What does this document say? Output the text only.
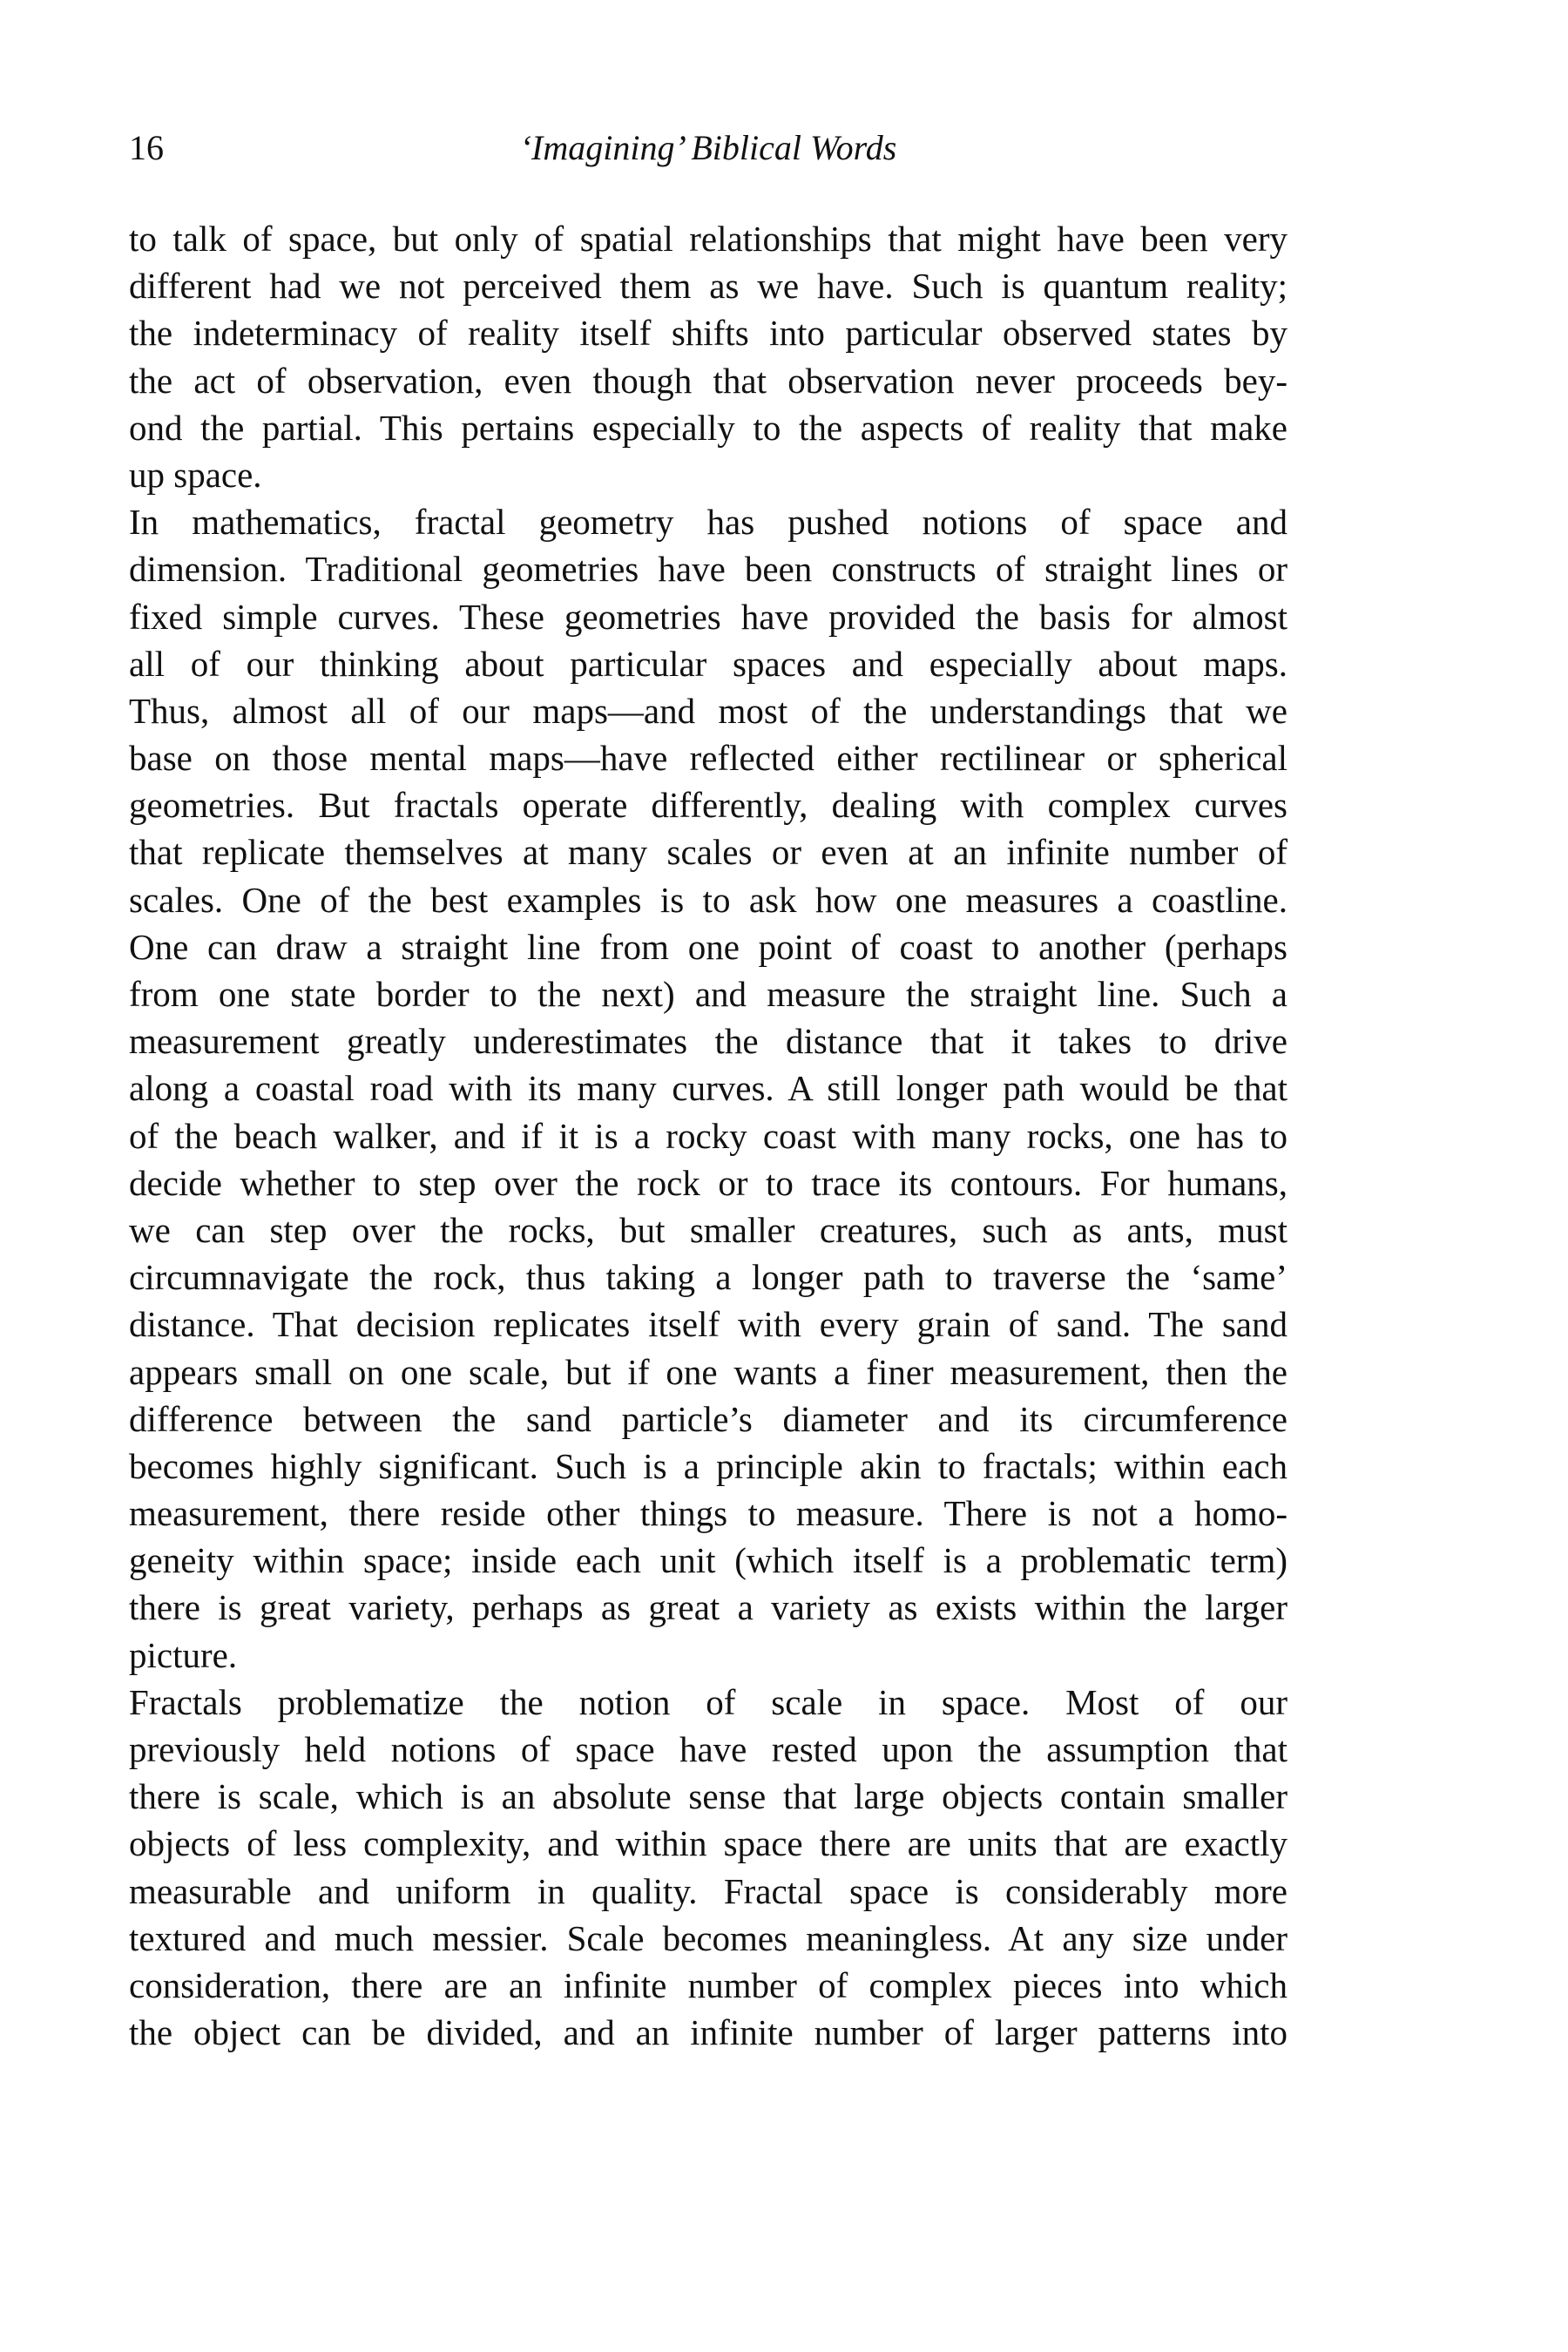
16	‘Imagining’ Biblical Words
to talk of space, but only of spatial relationships that might have been very
different had we not perceived them as we have. Such is quantum reality;
the indeterminacy of reality itself shifts into particular observed states by
the act of observation, even though that observation never proceeds bey-
ond the partial. This pertains especially to the aspects of reality that make
up space.
In mathematics, fractal geometry has pushed notions of space and
dimension. Traditional geometries have been constructs of straight lines or
fixed simple curves. These geometries have provided the basis for almost
all of our thinking about particular spaces and especially about maps.
Thus, almost all of our maps—and most of the understandings that we
base on those mental maps—have reflected either rectilinear or spherical
geometries. But fractals operate differently, dealing with complex curves
that replicate themselves at many scales or even at an infinite number of
scales. One of the best examples is to ask how one measures a coastline.
One can draw a straight line from one point of coast to another (perhaps
from one state border to the next) and measure the straight line. Such a
measurement greatly underestimates the distance that it takes to drive
along a coastal road with its many curves. A still longer path would be that
of the beach walker, and if it is a rocky coast with many rocks, one has to
decide whether to step over the rock or to trace its contours. For humans,
we can step over the rocks, but smaller creatures, such as ants, must
circumnavigate the rock, thus taking a longer path to traverse the ‘same’
distance. That decision replicates itself with every grain of sand. The sand
appears small on one scale, but if one wants a finer measurement, then the
difference between the sand particle’s diameter and its circumference
becomes highly significant. Such is a principle akin to fractals; within each
measurement, there reside other things to measure. There is not a homo-
geneity within space; inside each unit (which itself is a problematic term)
there is great variety, perhaps as great a variety as exists within the larger
picture.
Fractals problematize the notion of scale in space. Most of our
previously held notions of space have rested upon the assumption that
there is scale, which is an absolute sense that large objects contain smaller
objects of less complexity, and within space there are units that are exactly
measurable and uniform in quality. Fractal space is considerably more
textured and much messier. Scale becomes meaningless. At any size under
consideration, there are an infinite number of complex pieces into which
the object can be divided, and an infinite number of larger patterns into
